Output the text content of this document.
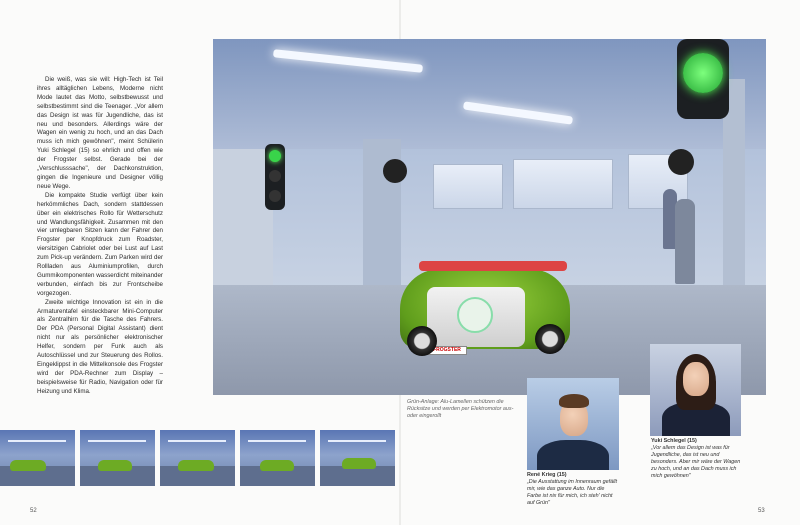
Die weiß, was sie will: High-Tech ist Teil ihres alltäglichen Lebens, Moderne nicht Mode lautet das Motto, selbstbewusst und selbstbestimmt sind die Teenager. „Vor allem das Design ist was für Jugendliche, das ist neu und besonders. Allerdings wäre der Wagen ein wenig zu hoch, und an das Dach muss ich mich gewöhnen", meint Schülerin Yuki Schlegel (15) so ehrlich und offen wie der Frogster selbst. Gerade bei der „Verschlusssache", der Dachkonstruktion, gingen die Ingenieure und Designer völlig neue Wege.

Die kompakte Studie verfügt über kein herkömmliches Dach, sondern stattdessen über ein elektrisches Rollo für Wetterschutz und Wandlungsfähigkeit. Zusammen mit den vier umlegbaren Sitzen kann der Fahrer den Frogster per Knopfdruck zum Roadster, viersitzigen Cabriolet oder bei Lust auf Last zum Pick-up verändern. Zum Parken wird der Rollladen aus Aluminiumprofilen, durch Gummikomponenten wasserdicht miteinander verbunden, einfach bis zur Frontscheibe vorgezogen.

Zweite wichtige Innovation ist ein in die Armaturentafel einsteckbarer Mini-Computer als Zentralhirn für die Tasche des Fahrers. Der PDA (Personal Digital Assistant) dient nicht nur als persönlicher elektronischer Helfer, sondern per Funk auch als Autoschlüssel und zur Steuerung des Rollos. Eingeklippst in die Mittelkonsole des Frogster wird der PDA-Rechner zum Display – beispielsweise für Radio, Navigation oder für Heizung und Klima.

FROGSTER
Grün-Anlage: Alu-Lamellen schützen die Rücksitze und werden per Elektromotor aus- oder eingerollt
René Krieg (15)
„Die Ausstattung im Innenraum gefällt mir, wie das ganze Auto. Nur die Farbe ist nix für mich, ich steh' nicht auf Grün"
Yuki Schlegel (15)
„Vor allem das Design ist was für Jugendliche, das ist neu und besonders. Aber mir wäre der Wagen zu hoch, und an das Dach muss ich mich gewöhnen"
52	53
